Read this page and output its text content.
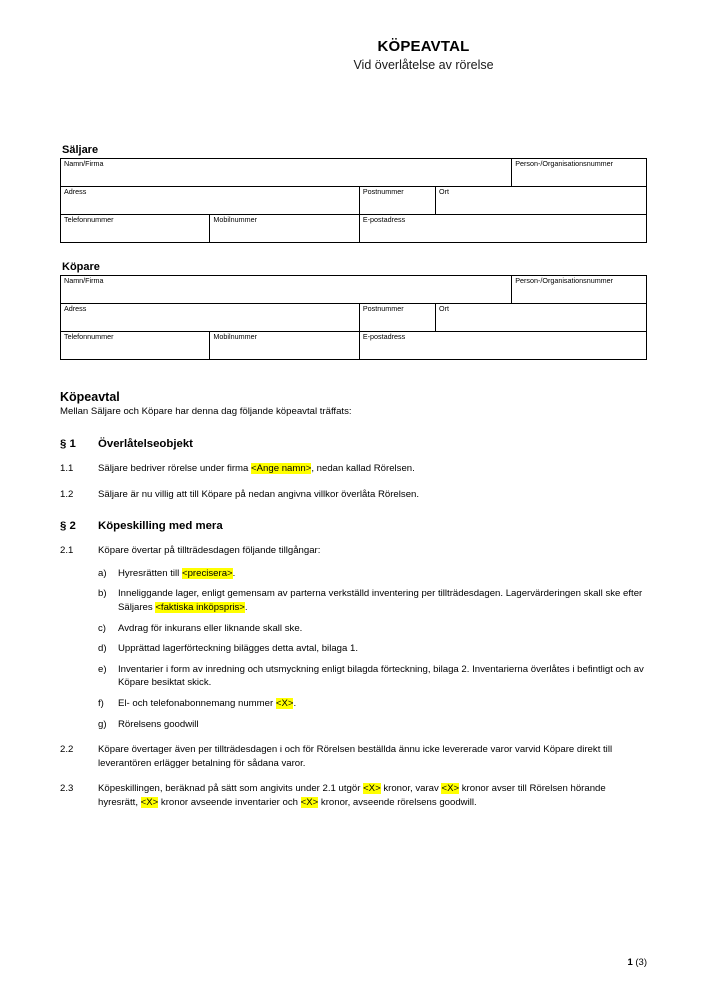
KÖPEAVTAL
Vid överlåtelse av rörelse
Säljare
Namn/Firma				Person-/Organisationsnummer
Adress		Postnummer	Ort	
Telefonnummer	Mobilnummer	E-postadress		
Köpare
Namn/Firma				Person-/Organisationsnummer
Adress		Postnummer	Ort	
Telefonnummer	Mobilnummer	E-postadress		
Köpeavtal
Mellan Säljare och Köpare har denna dag följande köpeavtal träffats:
§ 1	Överlåtelseobjekt
1.1	Säljare bedriver rörelse under firma <Ange namn>, nedan kallad Rörelsen.
1.2	Säljare är nu villig att till Köpare på nedan angivna villkor överlåta Rörelsen.
§ 2	Köpeskilling med mera
2.1	Köpare övertar på tillträdesdagen följande tillgångar:
a)	Hyresrätten till <precisera>.
b)	Inneliggande lager, enligt gemensam av parterna verkställd inventering per tillträdesdagen. Lagervärderingen skall ske efter Säljares <faktiska inköpspris>.
c)	Avdrag för inkurans eller liknande skall ske.
d)	Upprättad lagerförteckning bilägges detta avtal, bilaga 1.
e)	Inventarier i form av inredning och utsmyckning enligt bilagda förteckning, bilaga 2. Inventarierna överlåtes i befintligt och av Köpare besiktat skick.
f)	El- och telefonabonnemang nummer <X>.
g)	Rörelsens goodwill
2.2	Köpare övertager även per tillträdesdagen i och för Rörelsen beställda ännu icke levererade varor varvid Köpare direkt till leverantören erlägger betalning för sådana varor.
2.3	Köpeskillingen, beräknad på sätt som angivits under 2.1 utgör <X> kronor, varav <X> kronor avser till Rörelsen hörande hyresrätt, <X> kronor avseende inventarier och <X> kronor, avseende rörelsens goodwill.
1 (3)
